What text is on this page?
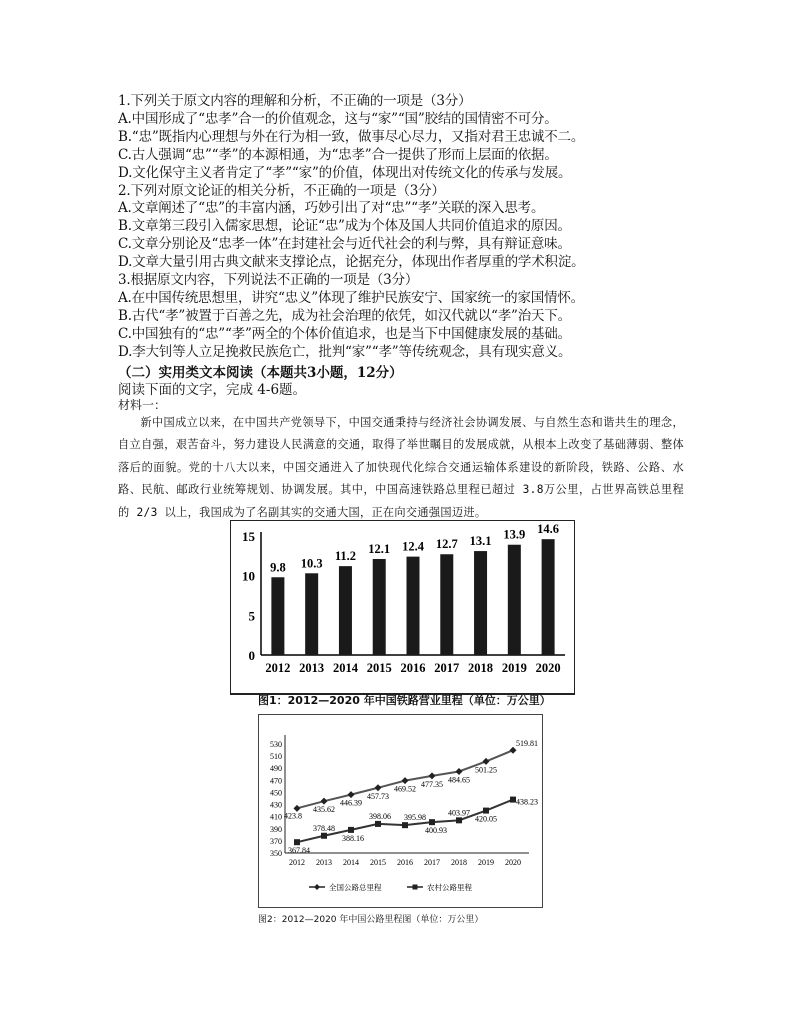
1.下列关于原文内容的理解和分析，不正确的一项是（3分）
A.中国形成了“忠孝”合一的价值观念，这与“家”“国”胶结的国情密不可分。
B.“忠”既指内心理想与外在行为相一致，做事尽心尽力，又指对君王忠诚不二。
C.古人强调“忠”“孝”的本源相通，为“忠孝”合一提供了形而上层面的依据。
D.文化保守主义者肯定了“孝”“家”的价值，体现出对传统文化的传承与发展。
2.下列对原文论证的相关分析，不正确的一项是（3分）
A.文章阐述了“忠”的丰富内涵，巧妙引出了对“忠”“孝”关联的深入思考。
B.文章第三段引入儒家思想，论证“忠”成为个体及国人共同价值追求的原因。
C.文章分别论及“忠孝一体”在封建社会与近代社会的利与弊，具有辩证意味。
D.文章大量引用古典文献来支撑论点，论据充分，体现出作者厚重的学术积淀。
3.根据原文内容，下列说法不正确的一项是（3分）
A.在中国传统思想里，讲究“忠义”体现了维护民族安宁、国家统一的家国情怀。
B.古代“孝”被置于百善之先，成为社会治理的依凭，如汉代就以“孝”治天下。
C.中国独有的“忠”“孝”两全的个体价值追求，也是当下中国健康发展的基础。
D.李大钊等人立足挽救民族危亡，批判“家”“孝”等传统观念，具有现实意义。
（二）实用类文本阅读（本题共3小题，12分）
阅读下面的文字，完成 4-6题。
材料一：
新中国成立以来，在中国共产党领导下，中国交通秉持与经济社会协调发展、与自然生态和谐共生的理念，自立自强，艰苦奋斗，努力建设人民满意的交通，取得了举世瞩目的发展成就，从根本上改变了基础薄弱、整体落后的面貌。党的十八大以来，中国交通进入了加快现代化综合交通运输体系建设的新阶段，铁路、公路、水路、民航、邮政行业统筹规划、协调发展。其中，中国高速铁路总里程已超过 3.8万公里，占世界高铁总里程的 2/3 以上，我国成为了名副其实的交通大国，正在向交通强国迈进。
0
5
10
15
9.8
2012
10.3
2013
11.2
2014
12.1
2015
12.4
2016
12.7
2017
13.1
2018
13.9
2019
14.6
2020
图1：2012—2020 年中国铁路营业里程（单位：万公里）
350
370
390
410
430
450
470
490
510
530
2012 2013 2014 2015 2016 2017 2018 2019 2020
423.8
435.62
446.39
457.73
469.52
477.35 484.65
501.25
519.81
367.84
378.48
388.16
398.06 395.98
400.93
403.97
420.05
438.23
全国公路总里程	农村公路里程
图2：2012—2020 年中国公路里程图（单位：万公里）
